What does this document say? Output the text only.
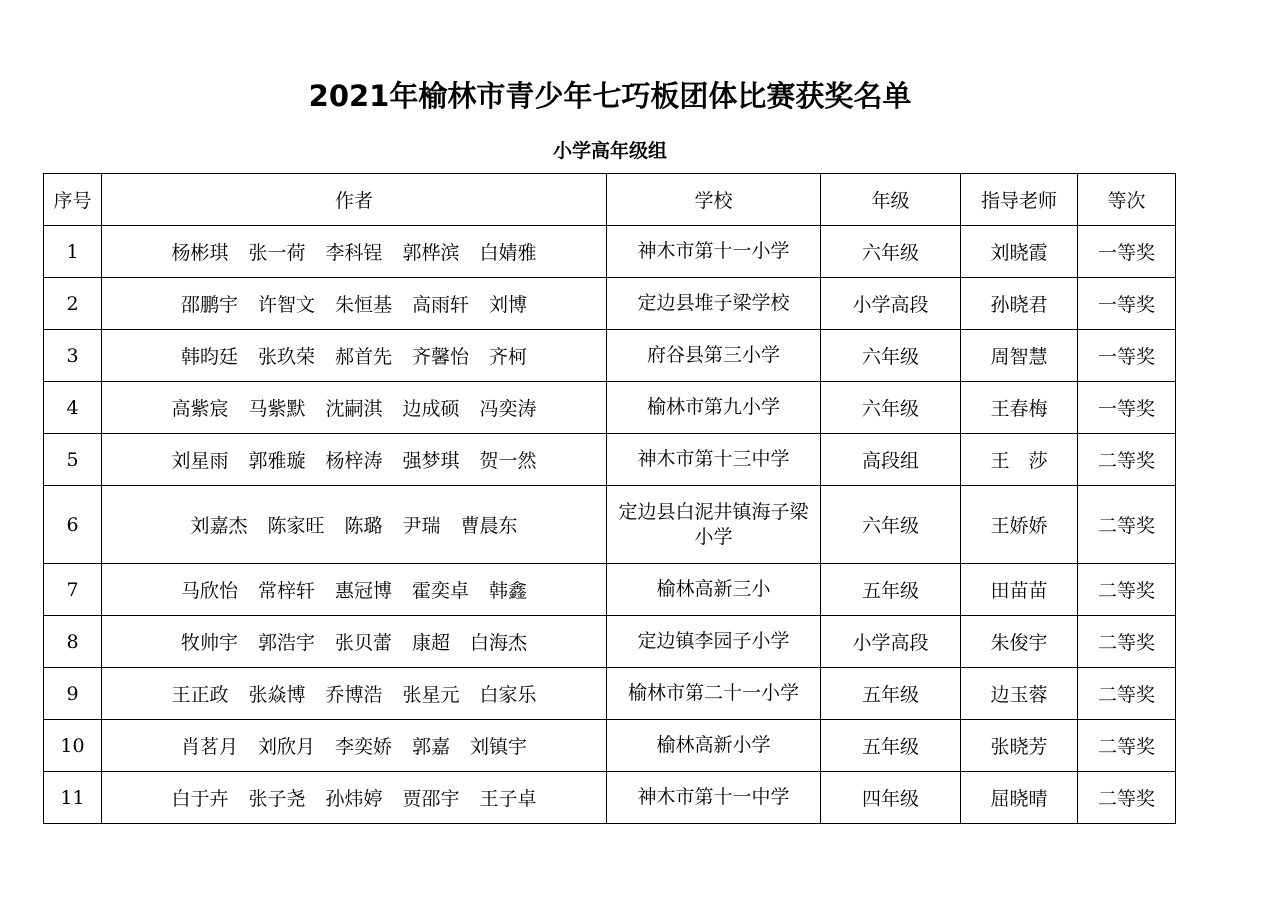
2021年榆林市青少年七巧板团体比赛获奖名单
小学高年级组
序号	作者	学校	年级	指导老师	等次
1	杨彬琪 张一荷 李科锃 郭桦滨 白婧雅	神木市第十一小学	六年级	刘晓霞	一等奖
2	邵鹏宇 许智文 朱恒基 高雨轩 刘博	定边县堆子梁学校	小学高段	孙晓君	一等奖
3	韩昀廷 张玖荣 郝首先 齐馨怡 齐柯	府谷县第三小学	六年级	周智慧	一等奖
4	高紫宸 马紫默 沈嗣淇 边成硕 冯奕涛	榆林市第九小学	六年级	王春梅	一等奖
5	刘星雨 郭雅璇 杨梓涛 强梦琪 贺一然	神木市第十三中学	高段组	王　莎	二等奖
6	刘嘉杰 陈家旺 陈璐 尹瑞 曹晨东	定边县白泥井镇海子梁小学	六年级	王娇娇	二等奖
7	马欣怡 常梓轩 惠冠博 霍奕卓 韩鑫	榆林高新三小	五年级	田苗苗	二等奖
8	牧帅宇 郭浩宇 张贝蕾 康超 白海杰	定边镇李园子小学	小学高段	朱俊宇	二等奖
9	王正政 张焱博 乔博浩 张星元 白家乐	榆林市第二十一小学	五年级	边玉蓉	二等奖
10	肖茗月 刘欣月 李奕娇 郭嘉 刘镇宇	榆林高新小学	五年级	张晓芳	二等奖
11	白于卉 张子尧 孙炜婷 贾邵宇 王子卓	神木市第十一中学	四年级	屈晓晴	二等奖
